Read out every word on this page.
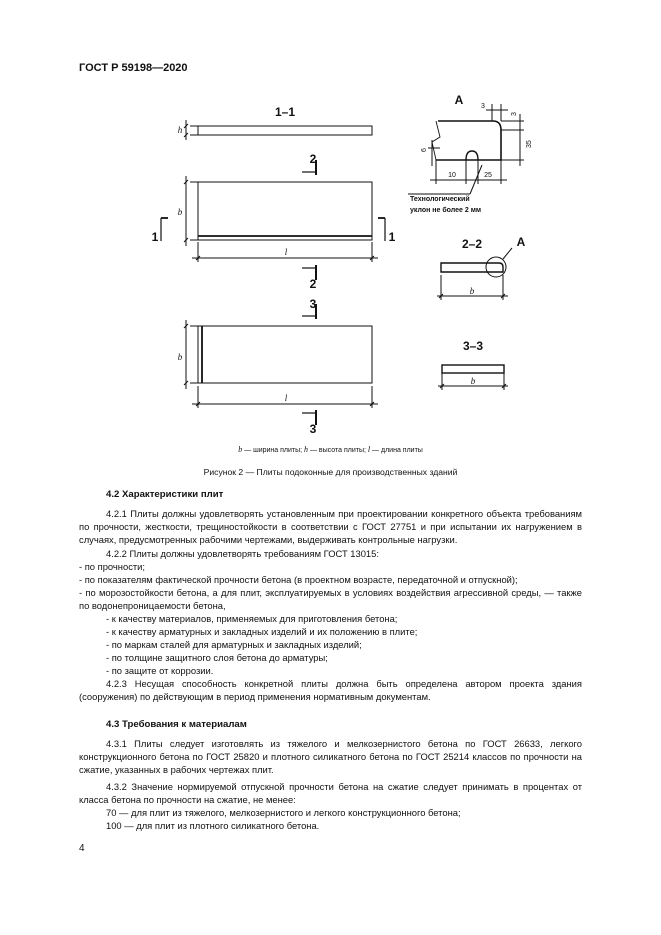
ГОСТ Р 59198—2020
1–1
h
2
2
1	1
b
l
3
3
b
l
A	3
3
35
6
10	25
Технологический
уклон не более 2 мм
2–2	A
b
3–3
b
b — ширина плиты; h — высота плиты; l — длина плиты
Рисунок 2 — Плиты подоконные для производственных зданий
4.2 Характеристики плит
4.2.1 Плиты должны удовлетворять установленным при проектировании конкретного объекта требованиям по прочности, жесткости, трещиностойкости в соответствии с ГОСТ 27751 и при испытании их нагружением в случаях, предусмотренных рабочими чертежами, выдерживать контрольные нагрузки.
4.2.2 Плиты должны удовлетворять требованиям ГОСТ 13015:
- по прочности;
- по показателям фактической прочности бетона (в проектном возрасте, передаточной и отпускной);
- по морозостойкости бетона, а для плит, эксплуатируемых в условиях воздействия агрессивной среды, — также по водонепроницаемости бетона,
- к качеству материалов, применяемых для приготовления бетона;
- к качеству арматурных и закладных изделий и их положению в плите;
- по маркам сталей для арматурных и закладных изделий;
- по толщине защитного слоя бетона до арматуры;
- по защите от коррозии.
4.2.3 Несущая способность конкретной плиты должна быть определена автором проекта здания (сооружения) по действующим в период применения нормативным документам.
4.3 Требования к материалам
4.3.1 Плиты следует изготовлять из тяжелого и мелкозернистого бетона по ГОСТ 26633, легкого конструкционного бетона по ГОСТ 25820 и плотного силикатного бетона по ГОСТ 25214 классов по прочности на сжатие, указанных в рабочих чертежах плит.
4.3.2 Значение нормируемой отпускной прочности бетона на сжатие следует принимать в процентах от класса бетона по прочности на сжатие, не менее:
70 — для плит из тяжелого, мелкозернистого и легкого конструкционного бетона;
100 — для плит из плотного силикатного бетона.
4
